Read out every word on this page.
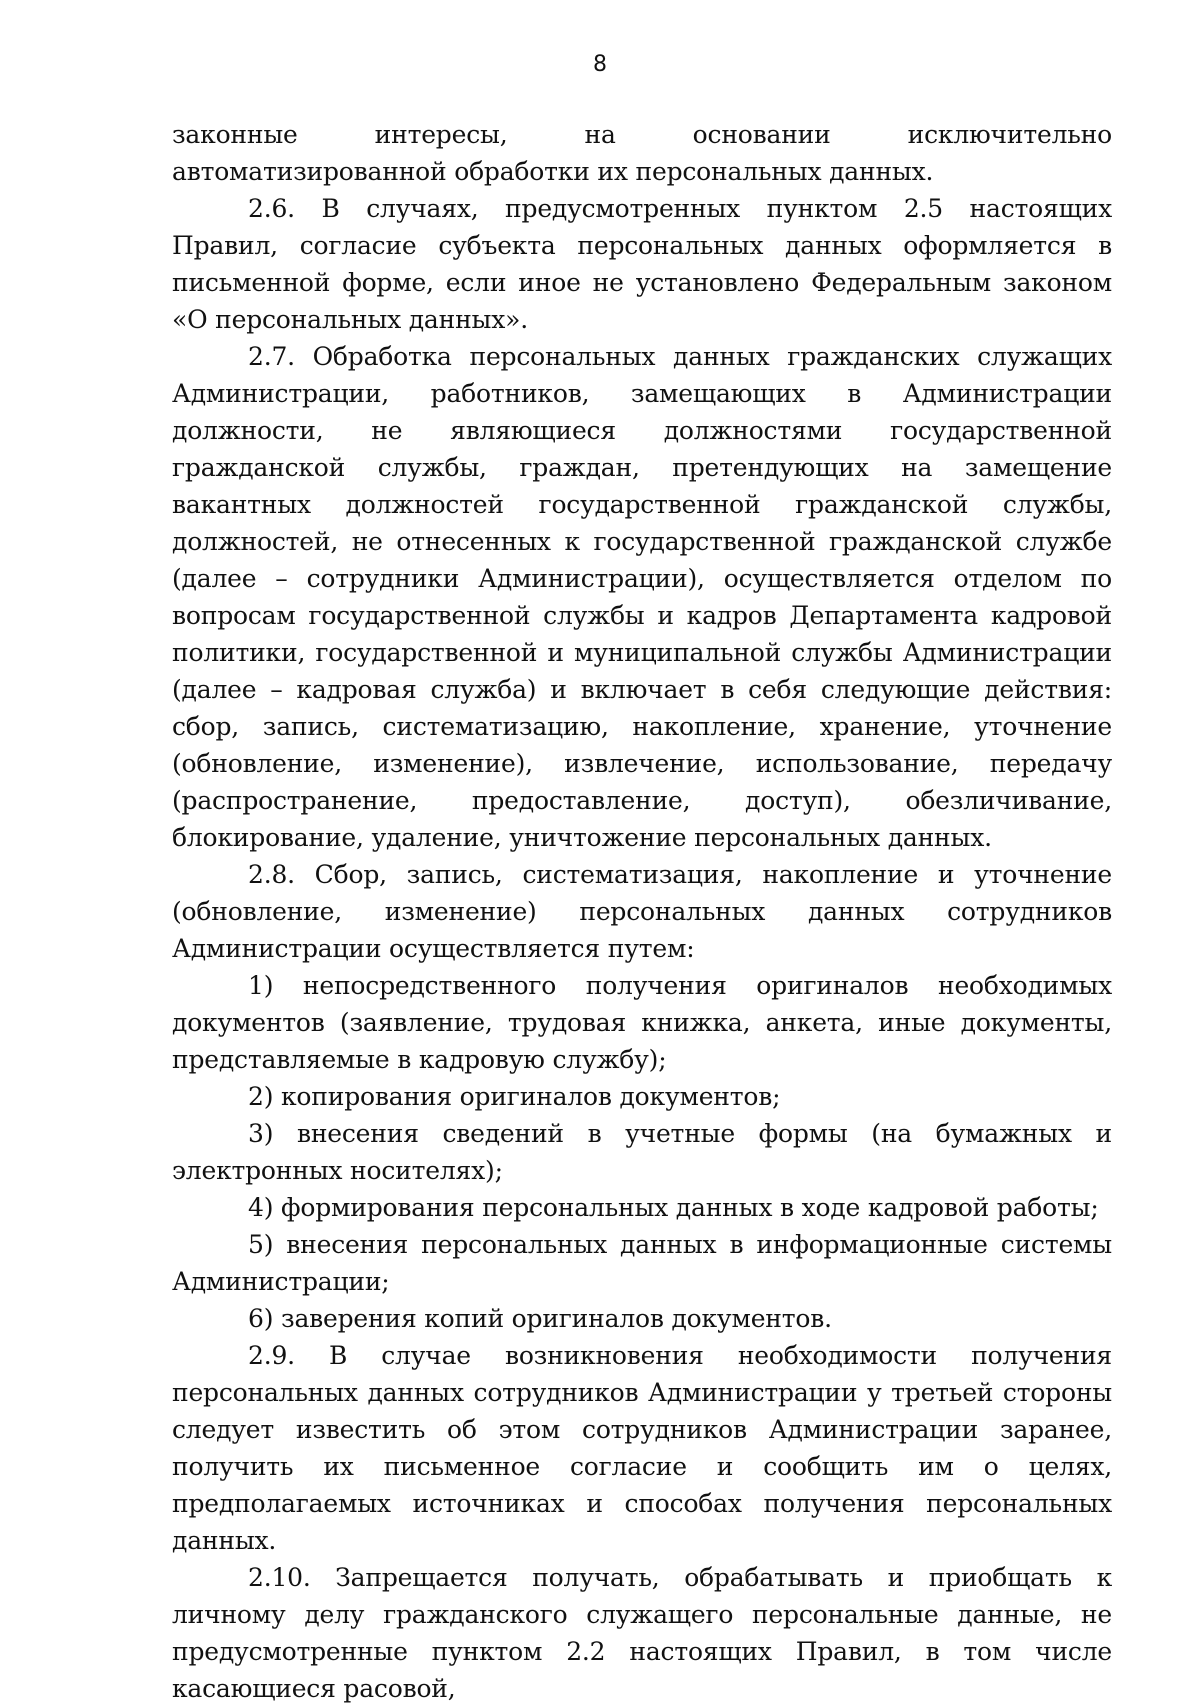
8

законные интересы, на основании исключительно автоматизированной обработки их персональных данных.

2.6. В случаях, предусмотренных пунктом 2.5 настоящих Правил, согласие субъекта персональных данных оформляется в письменной форме, если иное не установлено Федеральным законом «О персональных данных».

2.7. Обработка персональных данных гражданских служащих Администрации, работников, замещающих в Администрации должности, не являющиеся должностями государственной гражданской службы, граждан, претендующих на замещение вакантных должностей государственной гражданской службы, должностей, не отнесенных к государственной гражданской службе (далее – сотрудники Администрации), осуществляется отделом по вопросам государственной службы и кадров Департамента кадровой политики, государственной и муниципальной службы Администрации (далее – кадровая служба) и включает в себя следующие действия: сбор, запись, систематизацию, накопление, хранение, уточнение (обновление, изменение), извлечение, использование, передачу (распространение, предоставление, доступ), обезличивание, блокирование, удаление, уничтожение персональных данных.

2.8. Сбор, запись, систематизация, накопление и уточнение (обновление, изменение) персональных данных сотрудников Администрации осуществляется путем:

1) непосредственного получения оригиналов необходимых документов (заявление, трудовая книжка, анкета, иные документы, представляемые в кадровую службу);

2) копирования оригиналов документов;

3) внесения сведений в учетные формы (на бумажных и электронных носителях);

4) формирования персональных данных в ходе кадровой работы;

5) внесения персональных данных в информационные системы Администрации;

6) заверения копий оригиналов документов.

2.9. В случае возникновения необходимости получения персональных данных сотрудников Администрации у третьей стороны следует известить об этом сотрудников Администрации заранее, получить их письменное согласие и сообщить им о целях, предполагаемых источниках и способах получения персональных данных.

2.10. Запрещается получать, обрабатывать и приобщать к личному делу гражданского служащего персональные данные, не предусмотренные пунктом 2.2 настоящих Правил, в том числе касающиеся расовой,
